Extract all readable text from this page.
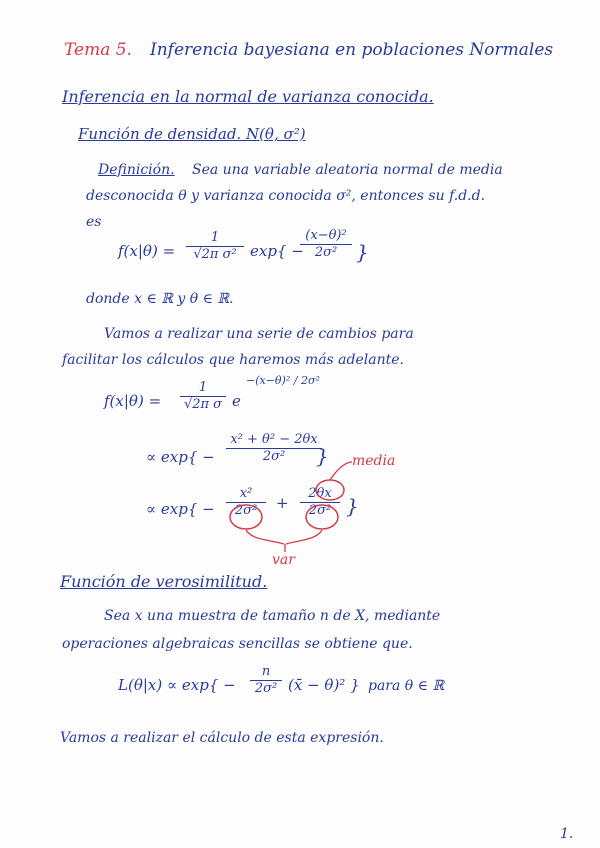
Tema 5. Inferencia bayesiana en poblaciones Normales
Inferencia en la normal de varianza conocida.
Función de densidad. N(θ, σ²)
Definición. Sea una variable aleatoria normal de media
desconocida θ y varianza conocida σ², entonces su f.d.d.
es
$f(x|\theta) = \frac{1}{\text{√2π σ²}} \exp${ −
$\frac{\text{(x−θ)²}}{\text{2σ²}}$ }
donde x ∈ ℝ y θ ∈ ℝ.
Vamos a realizar una serie de cambios para
facilitar los cálculos que haremos más adelante.
$f(x|\theta) = \frac{1}{\text{√2π σ}}$ e
−(x−θ)² / 2σ²
∝ $\exp\{ - \frac{\text{x² + θ² − 2θx}}{\text{2σ²}}$
}
∝ $\exp\{ - \frac{\text{x²}}{\text{2σ²}} + \frac{2\theta x}{\text{2σ²}}$ }
media
var
Función de verosimilitud.
Sea x una muestra de tamaño n de X, mediante
operaciones algebraicas sencillas se obtiene que.
$L(\theta|x) \propto \exp\{ - \frac{n}{\text{2σ²}}$ (x̄ − θ)² } para θ ∈ ℝ
Vamos a realizar el cálculo de esta expresión.
1.
